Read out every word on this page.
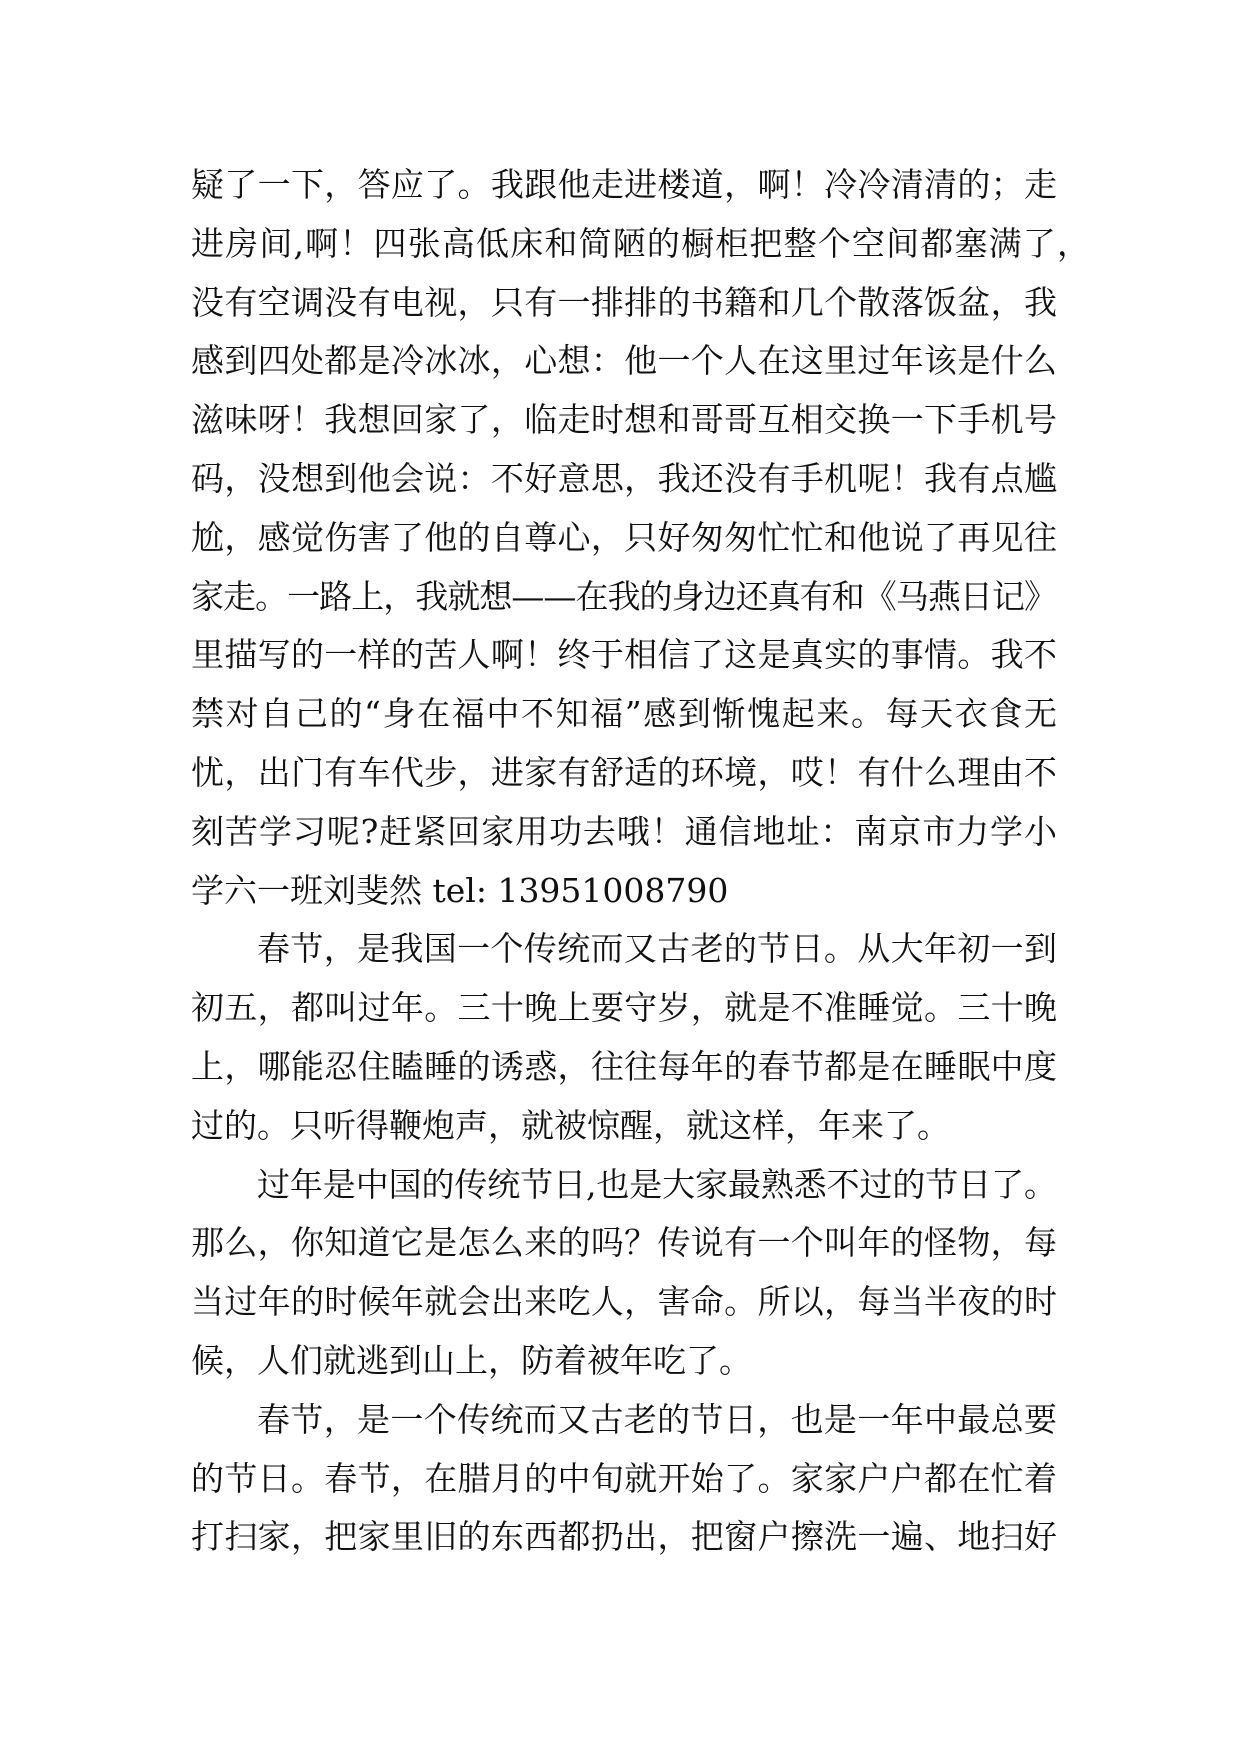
疑了一下，答应了。我跟他走进楼道，啊！冷冷清清的；走
进房间,啊！四张高低床和简陋的橱柜把整个空间都塞满了，
没有空调没有电视，只有一排排的书籍和几个散落饭盆，我
感到四处都是冷冰冰，心想：他一个人在这里过年该是什么
滋味呀！我想回家了，临走时想和哥哥互相交换一下手机号
码，没想到他会说：不好意思，我还没有手机呢！我有点尴
尬，感觉伤害了他的自尊心，只好匆匆忙忙和他说了再见往
家走。一路上，我就想——在我的身边还真有和《马燕日记》
里描写的一样的苦人啊！终于相信了这是真实的事情。我不
禁对自己的“身在福中不知福”感到惭愧起来。每天衣食无
忧，出门有车代步，进家有舒适的环境，哎！有什么理由不
刻苦学习呢?赶紧回家用功去哦！通信地址：南京市力学小
学六一班刘斐然 tel: 13951008790
春节，是我国一个传统而又古老的节日。从大年初一到
初五，都叫过年。三十晚上要守岁，就是不准睡觉。三十晚
上，哪能忍住瞌睡的诱惑，往往每年的春节都是在睡眠中度
过的。只听得鞭炮声，就被惊醒，就这样，年来了。
过年是中国的传统节日,也是大家最熟悉不过的节日了。
那么，你知道它是怎么来的吗？传说有一个叫年的怪物，每
当过年的时候年就会出来吃人，害命。所以，每当半夜的时
候，人们就逃到山上，防着被年吃了。
春节，是一个传统而又古老的节日，也是一年中最总要
的节日。春节，在腊月的中旬就开始了。家家户户都在忙着
打扫家，把家里旧的东西都扔出，把窗户擦洗一遍、地扫好
